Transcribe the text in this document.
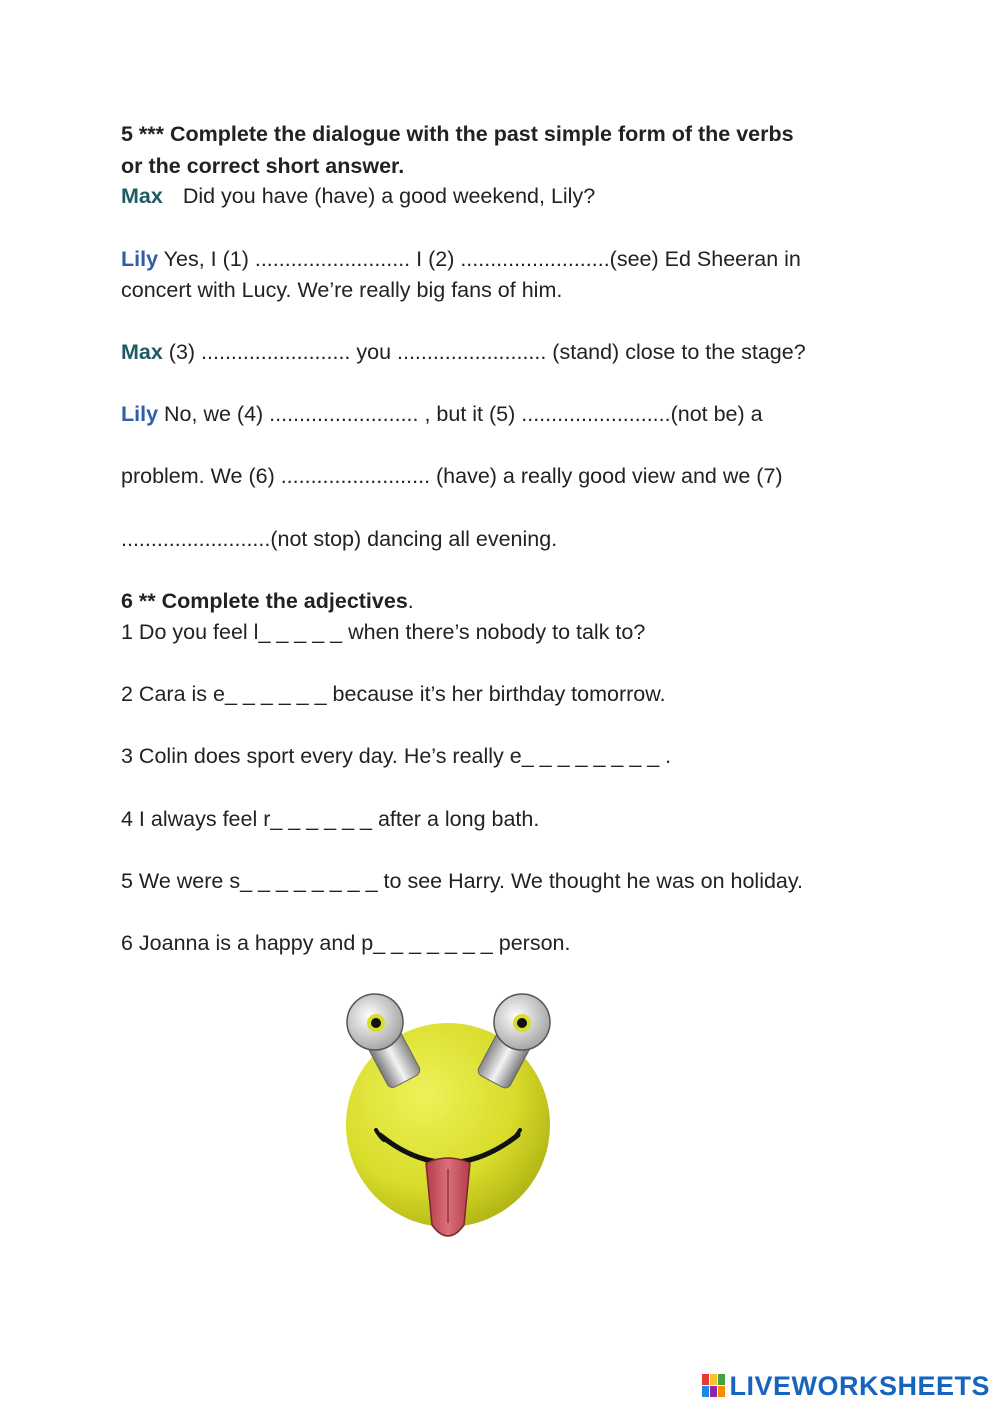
5 *** Complete the dialogue with the past simple form of the verbs
or the correct short answer.
Max Did you have (have) a good weekend, Lily?
Lily Yes, I (1) .......................... I (2) .........................(see) Ed Sheeran in
concert with Lucy. We’re really big fans of him.
Max (3) ......................... you ......................... (stand) close to the stage?
Lily No, we (4) ......................... , but it (5) .........................(not be) a
problem. We (6) ......................... (have) a really good view and we (7)
.........................(not stop) dancing all evening.
6 ** Complete the adjectives.
1 Do you feel l_ _ _ _ _ when there’s nobody to talk to?
2 Cara is e_ _ _ _ _ _ because it’s her birthday tomorrow.
3 Colin does sport every day. He’s really e_ _ _ _ _ _ _ _ .
4 I always feel r_ _ _ _ _ _ after a long bath.
5 We were s_ _ _ _ _ _ _ _ to see Harry. We thought he was on holiday.
6 Joanna is a happy and p_ _ _ _ _ _ _ person.
LIVEWORKSHEETS
